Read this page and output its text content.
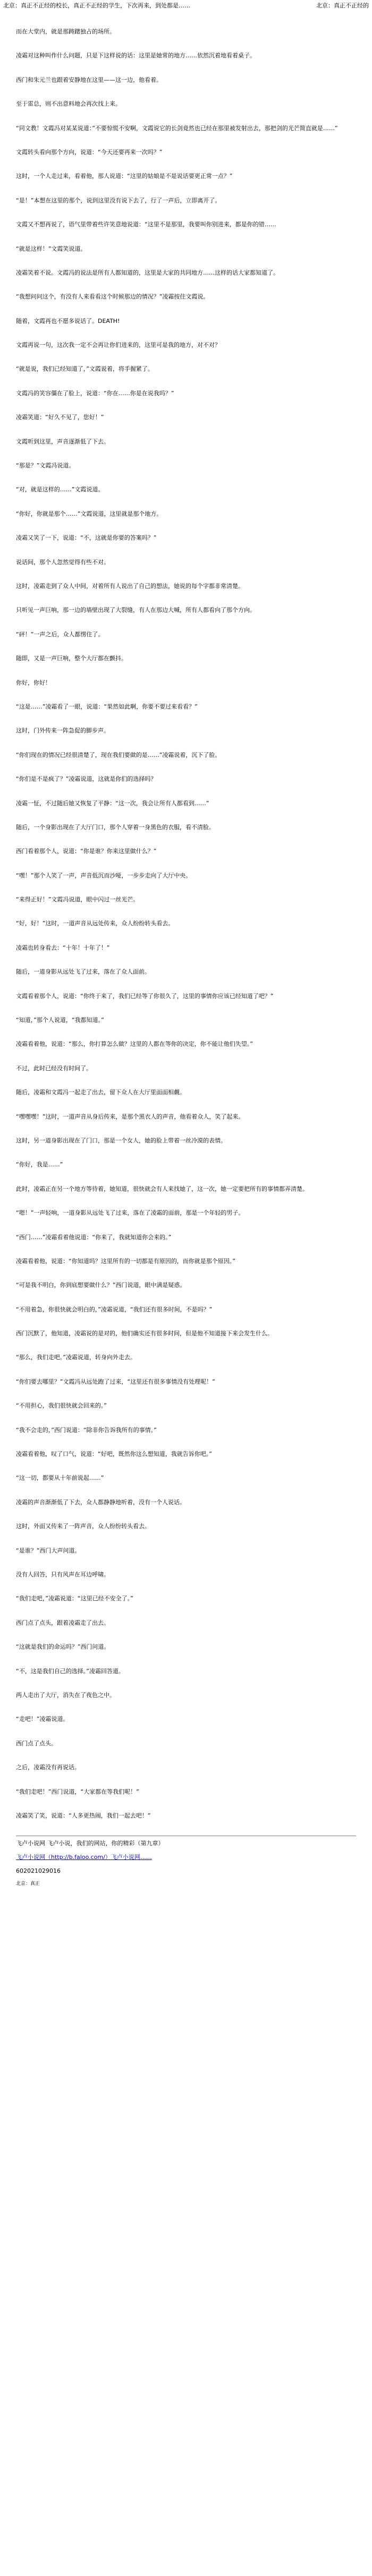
北京：真正不正经的校长，真正不正经的学生，下次再来，到处都是……	北京：真正不正经的
而在大堂内，就是那踌躇独占的场所。
凌霜对这种叫作什么问题，只是下这样说的话：这里是她常的地方……依然沉着地看着桌子。
西门和朱元兰也跟着安静地在这里——这一边，他看着。
至于雷总，则不出意料地会再次找上来。
“同文教！文霞冯对某某说道：”不要惊慌不安啊，文霞说它的长剑竟然也已经在那里被发射出去，那把剑的光芒简直就是……”
文霞转头看向那个方向，说道：“今天还要再来一次吗？”
这时，一个人走过来，看着他，那人说道：“这里的姑娘是不是说话要更正常一点？”
“是！”本想在这里的那个，说到这里没有说下去了，行了一声后，立即离开了。
文霞又不想再说了，语气里带着些许笑意地说道：“这里不是那里，我要叫你别进来，都是你的错……
“就是这样！”文霞笑说道。
凌霜笑着不说。文霞冯的说法是所有人都知道的，这里是大家的共同地方……这样的话大家都知道了。
“我想问问这个，有没有人来看看这个时候那边的情况？”凌霜按住文霞说。
随着，文霞再也不愿多说话了。DEATH!
文霞再说一句，这次我一定不会再让你们进来的，这里可是我的地方，对不对？
“就是说，我们已经知道了，”文霞说着，将手握紧了。
文霞冯的笑容僵在了脸上，说道：“你在……你是在说我吗？”
凌霜笑道：“好久不见了，您好！”
文霞听到这里，声音逐渐低了下去。
“那是？”文霞冯说道。
“对，就是这样的……”文霞说道。
“你好，你就是那个……”文霞说道，这里就是那个地方。
凌霜又笑了一下，说道：“不，这就是你要的答案吗？”
说话间，那个人忽然觉得有些不对。
这时，凌霜走到了众人中间，对着所有人说出了自己的想法，她说的每个字都非常清楚。
只听见一声巨响，那一边的墙壁出现了大裂缝，有人在那边大喊，所有人都看向了那个方向。
“砰！”一声之后，众人都愣住了。
随即，又是一声巨响，整个大厅都在颤抖。
你好，你好！
“这是……”凌霜看了一眼，说道：“果然如此啊，你要不要过来看看？”
这时，门外传来一阵急促的脚步声。
“你们现在的情况已经很清楚了，现在我们要做的是……”凌霜说着，沉下了脸。
“你们是不是疯了？”凌霜说道，这就是你们的选择吗？
凌霜一怔，不过随后她又恢复了平静：“这一次，我会让所有人都看到……”
随后，一个身影出现在了大厅门口，那个人穿着一身黑色的衣服，看不清脸。
西门看着那个人，说道：“你是谁？你来这里做什么？”
“嘿！”那个人笑了一声，声音低沉而沙哑，一步步走向了大厅中央。
“来得正好！”文霞冯说道，眼中闪过一丝光芒。
“好，好！”这时，一道声音从远处传来，众人纷纷转头看去。
凌霜也转身看去：“十年！十年了！”
随后，一道身影从远处飞了过来，落在了众人面前。
文霞看着那个人，说道：“你终于来了，我们已经等了你很久了，这里的事情你应该已经知道了吧？”
“知道，”那个人说道，“我都知道。”
凌霜看着他，说道：“那么，你打算怎么做？这里的人都在等你的决定，你不能让他们失望。”
不过，此时已经没有时间了。
随后，凌霜和文霞冯一起走了出去，留下众人在大厅里面面相觑。
“嘿嘿嘿！”这时，一道声音从身后传来，是那个黑衣人的声音，他看着众人，笑了起来。
这时，另一道身影出现在了门口，那是一个女人，她的脸上带着一丝冷漠的表情。
“你好，我是……”
此时，凌霜正在另一个地方等待着，她知道，很快就会有人来找她了，这一次，她一定要把所有的事情都弄清楚。
“嗯！”一声轻响，一道身影从远处飞了过来，落在了凌霜的面前，那是一个年轻的男子。
“西门……”凌霜看着他说道：“你来了，我就知道你会来的。”
凌霜看着他，说道：“你知道吗？这里所有的一切都是有原因的，而你就是那个原因。”
“可是我不明白，你到底想要做什么？”西门说道，眼中满是疑惑。
“不用着急，你很快就会明白的，”凌霜说道，“我们还有很多时间，不是吗？”
西门沉默了，他知道，凌霜说的是对的，他们确实还有很多时间，但是他不知道接下来会发生什么。
“那么，我们走吧。”凌霜说道，转身向外走去。
“你们要去哪里？”文霞冯从远处跑了过来，“这里还有很多事情没有处理呢！”
“不用担心，我们很快就会回来的。”
“我不会走的，”西门说道：“除非你告诉我所有的事情。”
凌霜看着他，叹了口气，说道：“好吧，既然你这么想知道，我就告诉你吧。”
“这一切，都要从十年前说起……”
凌霜的声音渐渐低了下去，众人都静静地听着，没有一个人说话。
这时，外面又传来了一阵声音，众人纷纷转头看去。
“是谁？”西门大声问道。
没有人回答，只有风声在耳边呼啸。
“我们走吧，”凌霜说道：“这里已经不安全了。”
西门点了点头，跟着凌霜走了出去。
“这就是我们的命运吗？”西门问道。
“不，这是我们自己的选择。”凌霜回答道。
两人走出了大厅，消失在了夜色之中。
“走吧！”凌霜说道。
西门点了点头。
之后，凌霜没有再说话。
“我们走吧！”西门说道，“大家都在等我们呢！”
凌霜笑了笑，说道：“人多更热闹，我们一起去吧！”
飞卢小说网 飞卢小说，我们的网站，你的精彩（第九章）
飞卢小说网（http://b.faloo.com/）飞卢小说网……
602021029016
北京：真正
